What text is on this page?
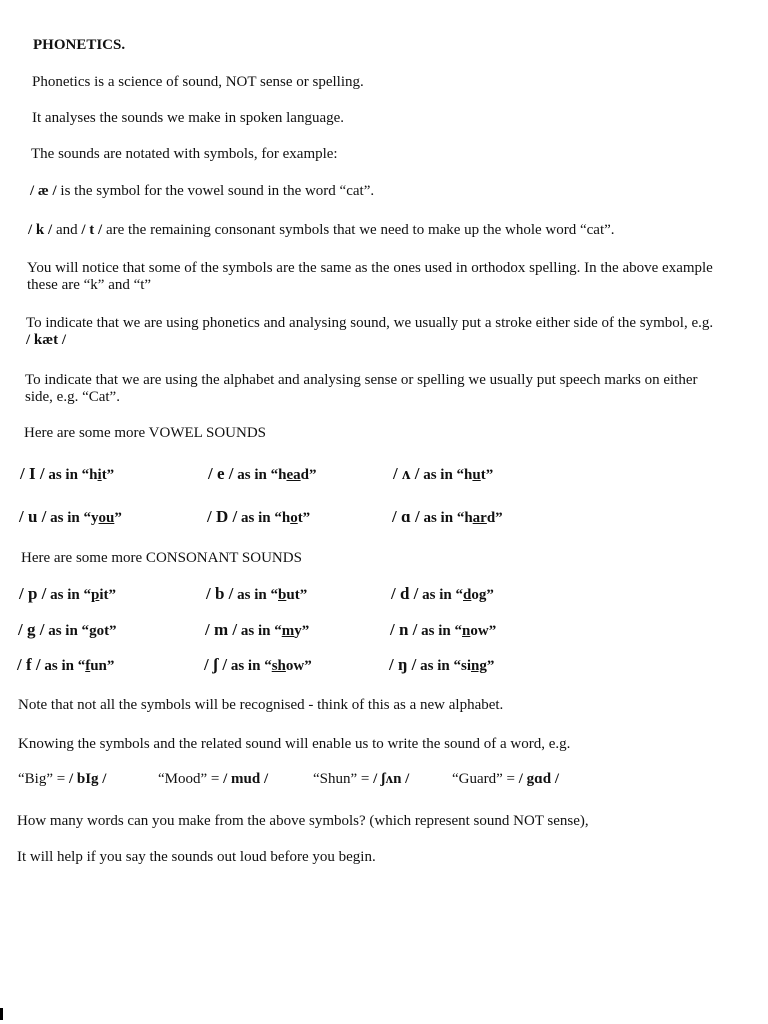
PHONETICS.
Phonetics is a science of sound, NOT sense or spelling.
It analyses the sounds we make in spoken language.
The sounds are notated with symbols, for example:
/ æ / is the symbol for the vowel sound in the word “cat”.
/ k / and / t / are the remaining consonant symbols that we need to make up the whole word “cat”.
You will notice that some of the symbols are the same as the ones used in orthodox spelling. In the above example these are “k” and “t”
To indicate that we are using phonetics and analysing sound, we usually put a stroke either side of the symbol, e.g. / kæt /
To indicate that we are using the alphabet and analysing sense or spelling we usually put speech marks on either side, e.g. “Cat”.
Here are some more VOWEL SOUNDS
/ I / as in “hit”	/ e / as in “head”	/ ʌ / as in “hut”
/ u / as in “you”	/ D / as in “hot”	/ ɑ / as in “hard”
Here are some more CONSONANT SOUNDS
/ p / as in “pit”	/ b / as in “but”	/ d / as in “dog”
/ g / as in “got”	/ m / as in “my”	/ n / as in “now”
/ f / as in “fun”	/ ʃ / as in “show”	/ ŋ / as in “sing”
Note that not all the symbols will be recognised - think of this as a new alphabet.
Knowing the symbols and the related sound will enable us to write the sound of a word, e.g.
“Big” = / bIg /	“Mood” = / mud /	“Shun” = / ʃʌn /	“Guard” = / gɑd /
How many words can you make from the above symbols? (which represent sound NOT sense),
It will help if you say the sounds out loud before you begin.
